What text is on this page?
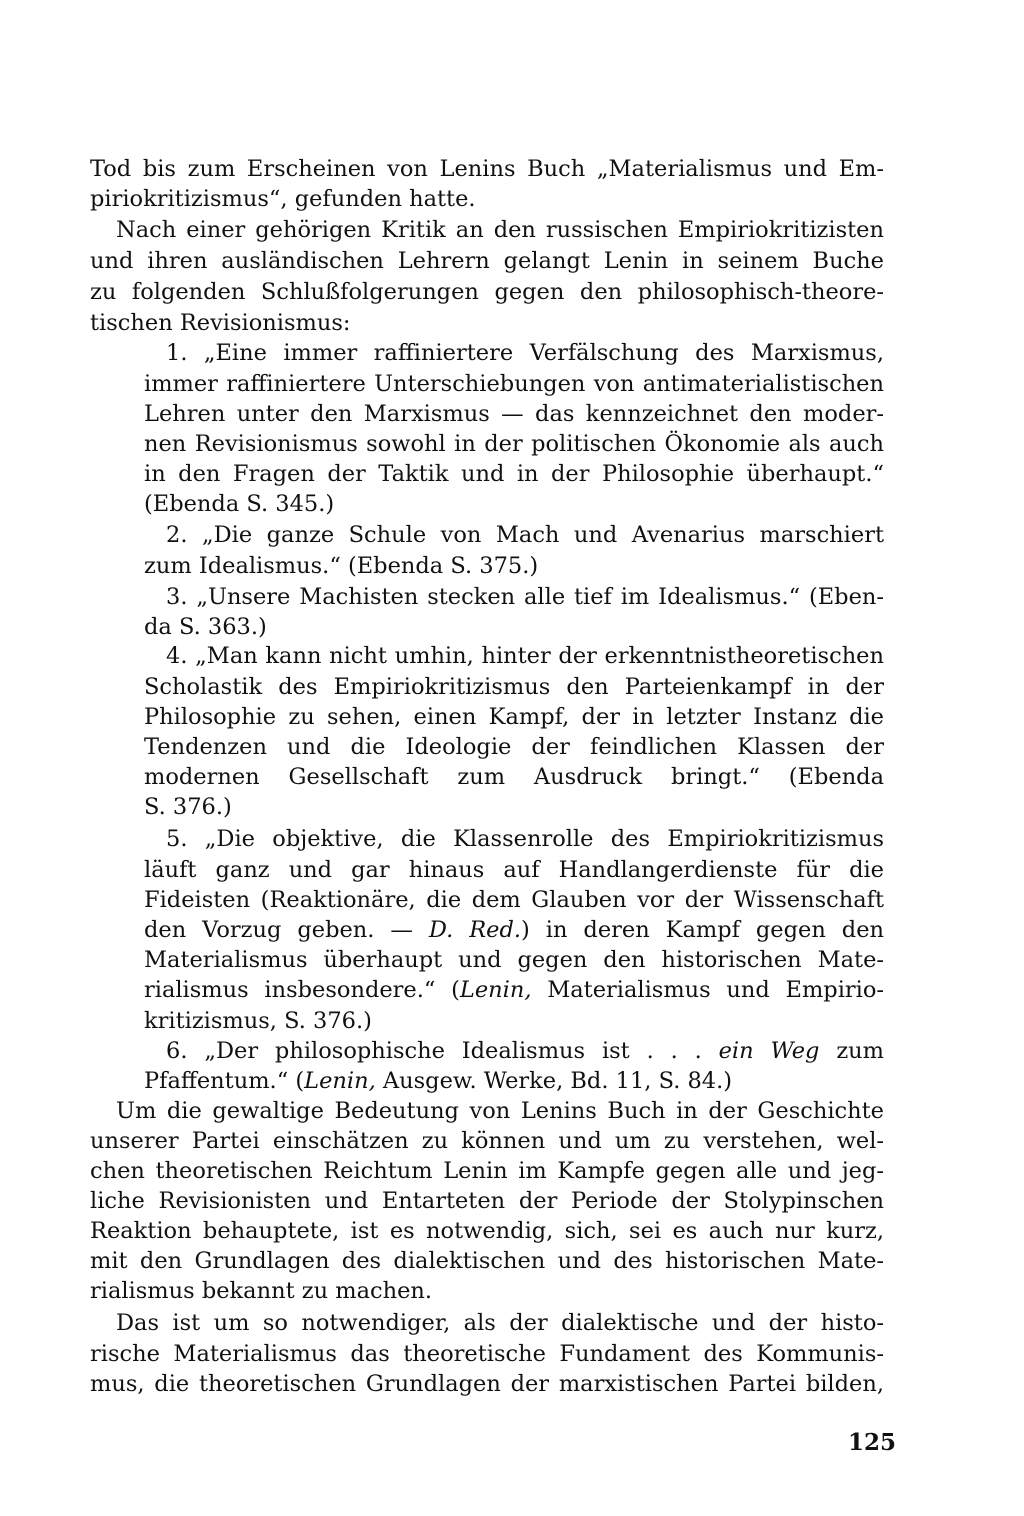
Tod bis zum Erscheinen von Lenins Buch „Materialismus und Em-
piriokritizismus“, gefunden hatte.
Nach einer gehörigen Kritik an den russischen Empiriokritizisten
und ihren ausländischen Lehrern gelangt Lenin in seinem Buche
zu folgenden Schlußfolgerungen gegen den philosophisch-theore-
tischen Revisionismus:
1. „Eine immer raffiniertere Verfälschung des Marxismus,
immer raffiniertere Unterschiebungen von antimaterialistischen
Lehren unter den Marxismus — das kennzeichnet den moder-
nen Revisionismus sowohl in der politischen Ökonomie als auch
in den Fragen der Taktik und in der Philosophie überhaupt.“
(Ebenda S. 345.)
2. „Die ganze Schule von Mach und Avenarius marschiert
zum Idealismus.“ (Ebenda S. 375.)
3. „Unsere Machisten stecken alle tief im Idealismus.“ (Eben-
da S. 363.)
4. „Man kann nicht umhin, hinter der erkenntnistheoretischen
Scholastik des Empiriokritizismus den Parteienkampf in der
Philosophie zu sehen, einen Kampf, der in letzter Instanz die
Tendenzen und die Ideologie der feindlichen Klassen der
modernen Gesellschaft zum Ausdruck bringt.“ (Ebenda
S. 376.)
5. „Die objektive, die Klassenrolle des Empiriokritizismus
läuft ganz und gar hinaus auf Handlangerdienste für die
Fideisten (Reaktionäre, die dem Glauben vor der Wissenschaft
den Vorzug geben. — D. Red.) in deren Kampf gegen den
Materialismus überhaupt und gegen den historischen Mate-
rialismus insbesondere.“ (Lenin, Materialismus und Empirio-
kritizismus, S. 376.)
6. „Der philosophische Idealismus ist . . . ein Weg zum
Pfaffentum.“ (Lenin, Ausgew. Werke, Bd. 11, S. 84.)
Um die gewaltige Bedeutung von Lenins Buch in der Geschichte
unserer Partei einschätzen zu können und um zu verstehen, wel-
chen theoretischen Reichtum Lenin im Kampfe gegen alle und jeg-
liche Revisionisten und Entarteten der Periode der Stolypinschen
Reaktion behauptete, ist es notwendig, sich, sei es auch nur kurz,
mit den Grundlagen des dialektischen und des historischen Mate-
rialismus bekannt zu machen.
Das ist um so notwendiger, als der dialektische und der histo-
rische Materialismus das theoretische Fundament des Kommunis-
mus, die theoretischen Grundlagen der marxistischen Partei bilden,
125
